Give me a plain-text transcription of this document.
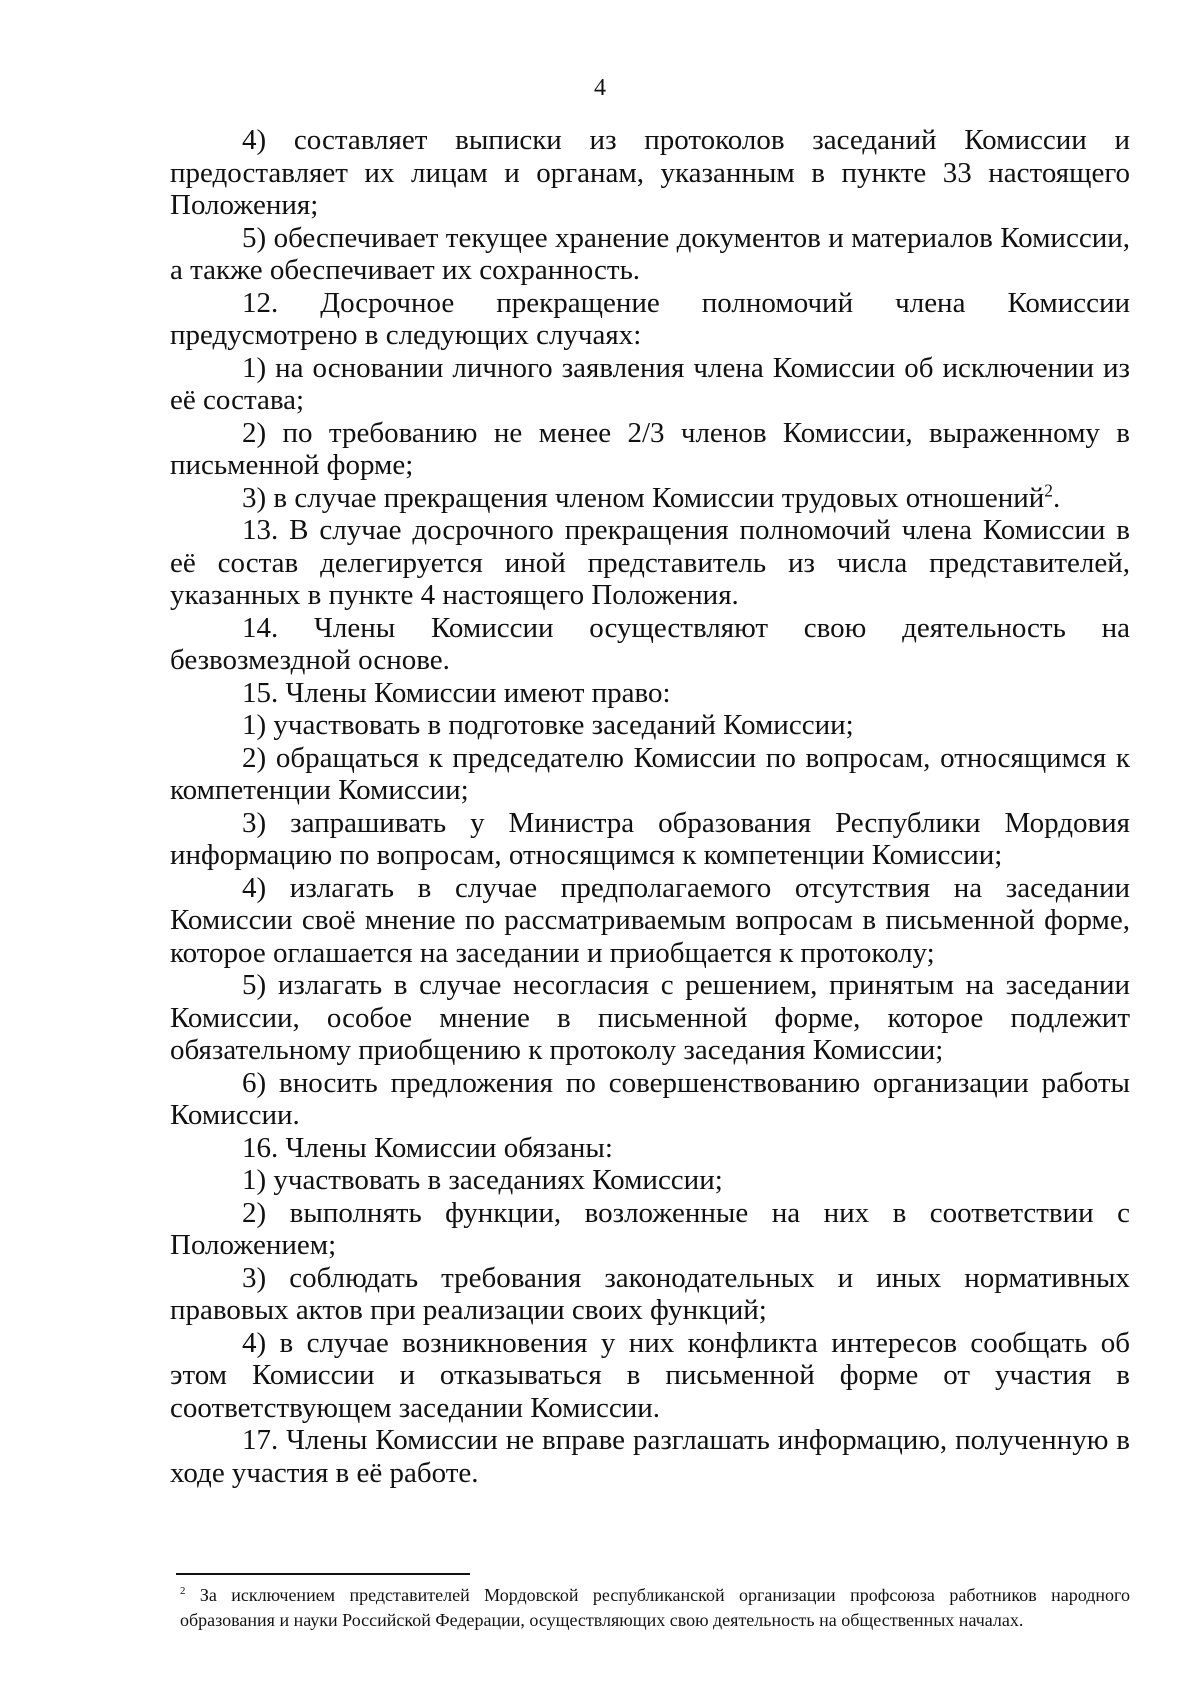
4

4) составляет выписки из протоколов заседаний Комиссии и предоставляет их лицам и органам, указанным в пункте 33 настоящего Положения;

5) обеспечивает текущее хранение документов и материалов Комиссии, а также обеспечивает их сохранность.

12. Досрочное прекращение полномочий члена Комиссии предусмотрено в следующих случаях:

1) на основании личного заявления члена Комиссии об исключении из её состава;

2) по требованию не менее 2/3 членов Комиссии, выраженному в письменной форме;

3) в случае прекращения членом Комиссии трудовых отношений$^2$.

13. В случае досрочного прекращения полномочий члена Комиссии в её состав делегируется иной представитель из числа представителей, указанных в пункте 4 настоящего Положения.

14. Члены Комиссии осуществляют свою деятельность на безвозмездной основе.

15. Члены Комиссии имеют право:

1) участвовать в подготовке заседаний Комиссии;

2) обращаться к председателю Комиссии по вопросам, относящимся к компетенции Комиссии;

3) запрашивать у Министра образования Республики Мордовия информацию по вопросам, относящимся к компетенции Комиссии;

4) излагать в случае предполагаемого отсутствия на заседании Комиссии своё мнение по рассматриваемым вопросам в письменной форме, которое оглашается на заседании и приобщается к протоколу;

5) излагать в случае несогласия с решением, принятым на заседании Комиссии, особое мнение в письменной форме, которое подлежит обязательному приобщению к протоколу заседания Комиссии;

6) вносить предложения по совершенствованию организации работы Комиссии.

16. Члены Комиссии обязаны:

1) участвовать в заседаниях Комиссии;

2) выполнять функции, возложенные на них в соответствии с Положением;

3) соблюдать требования законодательных и иных нормативных правовых актов при реализации своих функций;

4) в случае возникновения у них конфликта интересов сообщать об этом Комиссии и отказываться в письменной форме от участия в соответствующем заседании Комиссии.

17. Члены Комиссии не вправе разглашать информацию, полученную в ходе участия в её работе.

$^2$ За исключением представителей Мордовской республиканской организации профсоюза работников народного образования и науки Российской Федерации, осуществляющих свою деятельность на общественных началах.
